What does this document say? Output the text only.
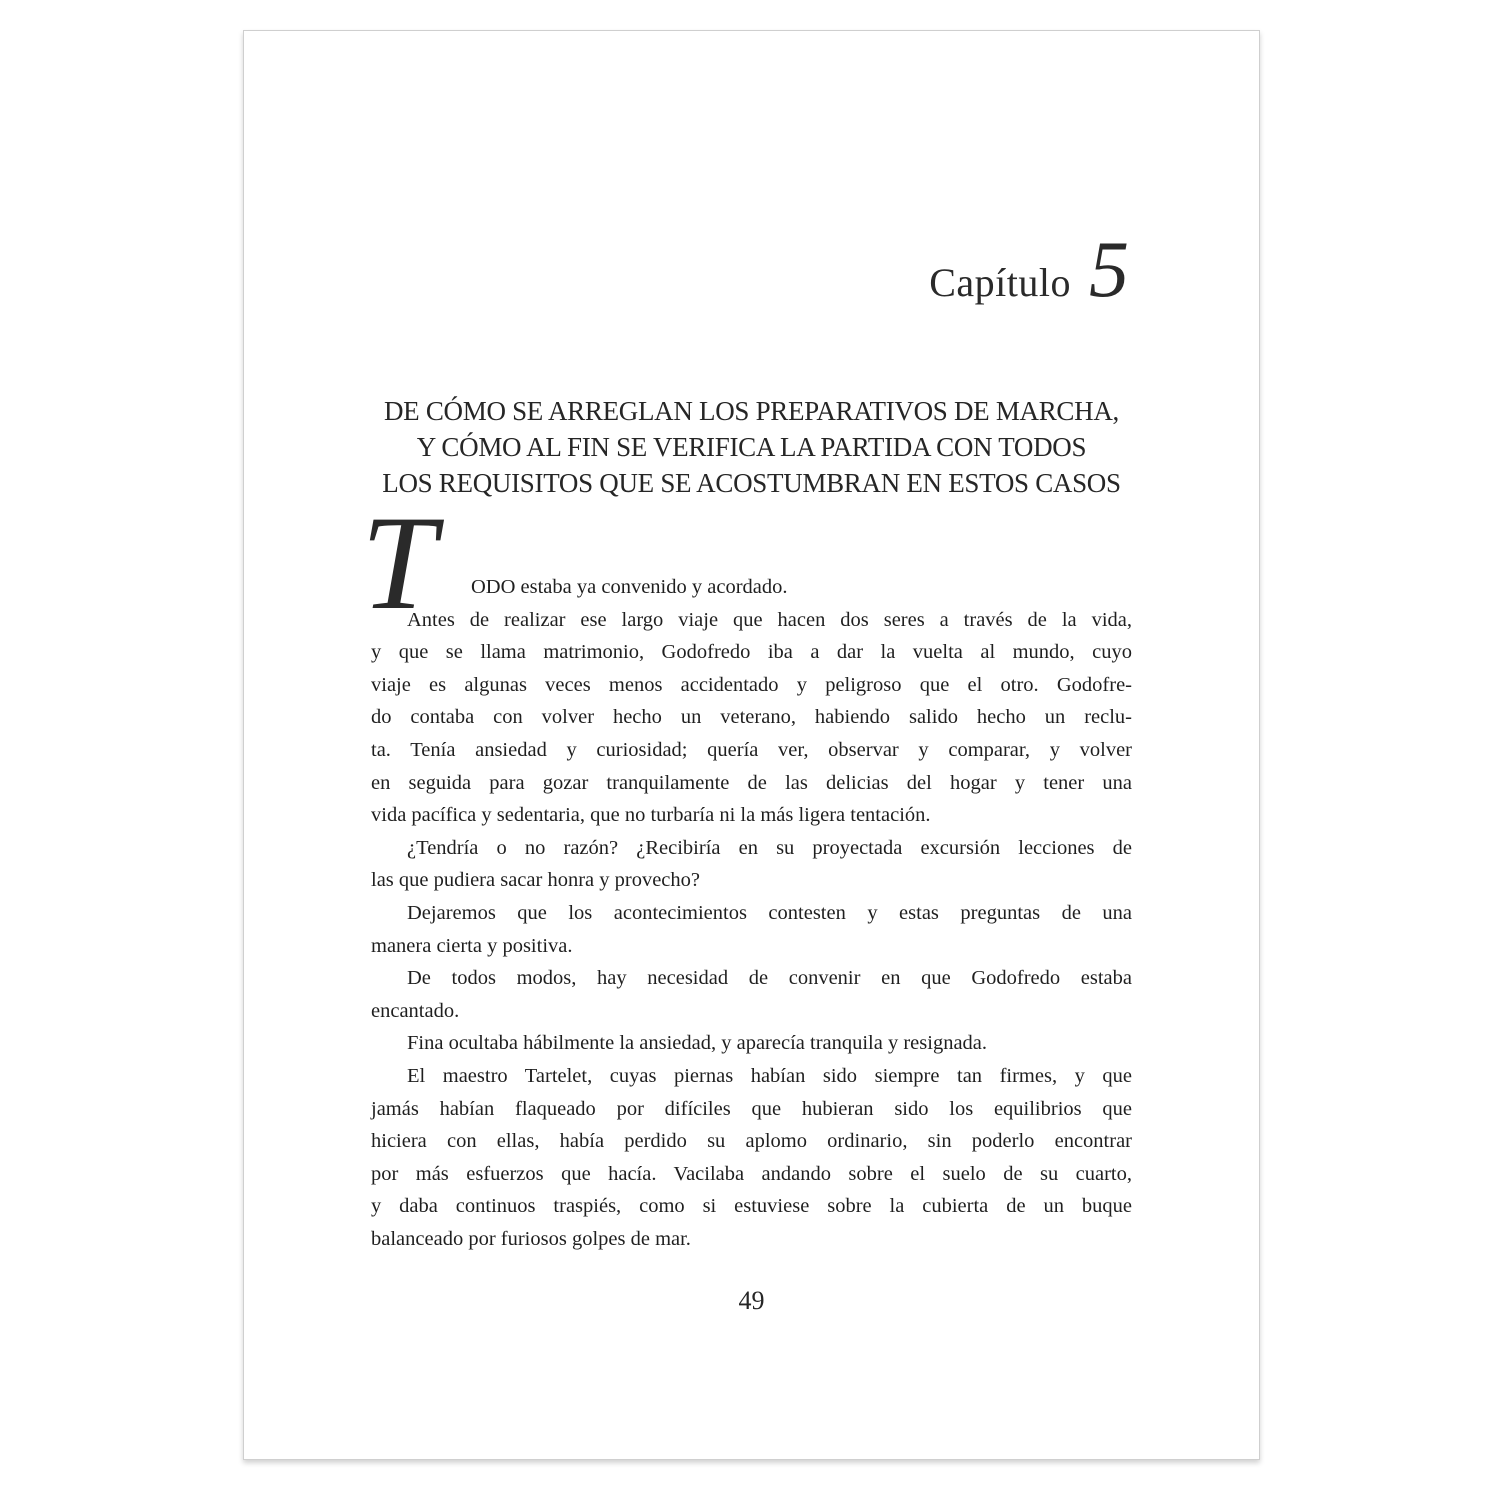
Capítulo 5
DE CÓMO SE ARREGLAN LOS PREPARATIVOS DE MARCHA,
Y CÓMO AL FIN SE VERIFICA LA PARTIDA CON TODOS
LOS REQUISITOS QUE SE ACOSTUMBRAN EN ESTOS CASOS

T ODO estaba ya convenido y acordado.

Antes de realizar ese largo viaje que hacen dos seres a través de la vida,
y que se llama matrimonio, Godofredo iba a dar la vuelta al mundo, cuyo
viaje es algunas veces menos accidentado y peligroso que el otro. Godofre-
do contaba con volver hecho un veterano, habiendo salido hecho un reclu-
ta. Tenía ansiedad y curiosidad; quería ver, observar y comparar, y volver
en seguida para gozar tranquilamente de las delicias del hogar y tener una
vida pacífica y sedentaria, que no turbaría ni la más ligera tentación.

¿Tendría o no razón? ¿Recibiría en su proyectada excursión lecciones de
las que pudiera sacar honra y provecho?

Dejaremos que los acontecimientos contesten y estas preguntas de una
manera cierta y positiva.

De todos modos, hay necesidad de convenir en que Godofredo estaba
encantado.

Fina ocultaba hábilmente la ansiedad, y aparecía tranquila y resignada.

El maestro Tartelet, cuyas piernas habían sido siempre tan firmes, y que
jamás habían flaqueado por difíciles que hubieran sido los equilibrios que
hiciera con ellas, había perdido su aplomo ordinario, sin poderlo encontrar
por más esfuerzos que hacía. Vacilaba andando sobre el suelo de su cuarto,
y daba continuos traspiés, como si estuviese sobre la cubierta de un buque
balanceado por furiosos golpes de mar.

49
